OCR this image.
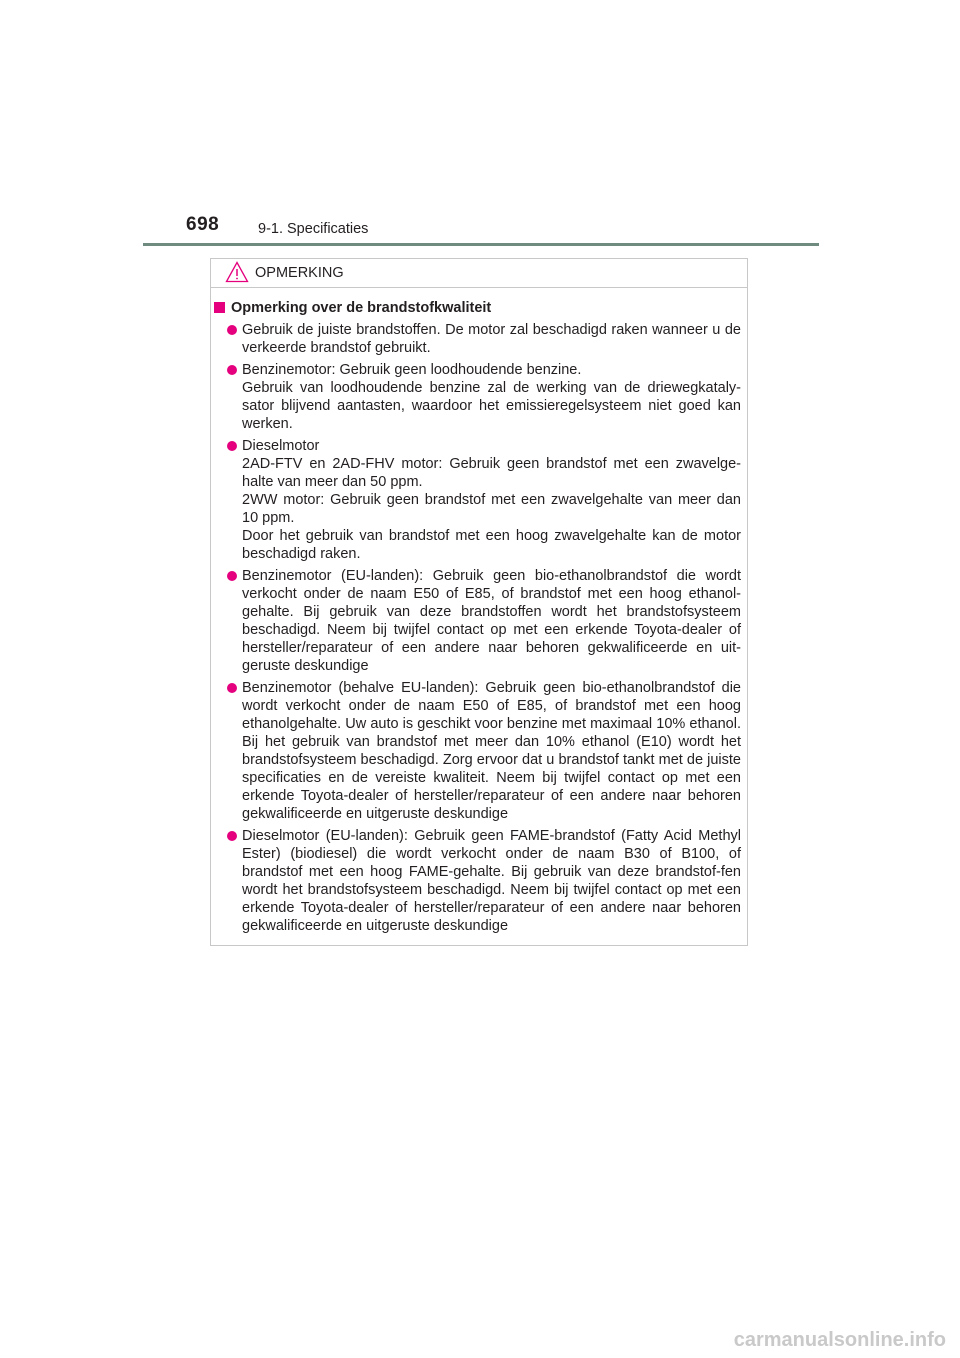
698	9-1. Specificaties
OPMERKING
Opmerking over de brandstofkwaliteit
Gebruik de juiste brandstoffen. De motor zal beschadigd raken wanneer u de verkeerde brandstof gebruikt.
Benzinemotor: Gebruik geen loodhoudende benzine.
Gebruik van loodhoudende benzine zal de werking van de driewegkataly-sator blijvend aantasten, waardoor het emissieregelsysteem niet goed kan werken.
Dieselmotor
2AD-FTV en 2AD-FHV motor: Gebruik geen brandstof met een zwavelge-halte van meer dan 50 ppm.
2WW motor: Gebruik geen brandstof met een zwavelgehalte van meer dan 10 ppm.
Door het gebruik van brandstof met een hoog zwavelgehalte kan de motor beschadigd raken.
Benzinemotor (EU-landen): Gebruik geen bio-ethanolbrandstof die wordt verkocht onder de naam E50 of E85, of brandstof met een hoog ethanol-gehalte. Bij gebruik van deze brandstoffen wordt het brandstofsysteem beschadigd. Neem bij twijfel contact op met een erkende Toyota-dealer of hersteller/reparateur of een andere naar behoren gekwalificeerde en uit-geruste deskundige
Benzinemotor (behalve EU-landen): Gebruik geen bio-ethanolbrandstof die wordt verkocht onder de naam E50 of E85, of brandstof met een hoog ethanolgehalte. Uw auto is geschikt voor benzine met maximaal 10% ethanol. Bij het gebruik van brandstof met meer dan 10% ethanol (E10) wordt het brandstofsysteem beschadigd. Zorg ervoor dat u brandstof tankt met de juiste specificaties en de vereiste kwaliteit. Neem bij twijfel contact op met een erkende Toyota-dealer of hersteller/reparateur of een andere naar behoren gekwalificeerde en uitgeruste deskundige
Dieselmotor (EU-landen): Gebruik geen FAME-brandstof (Fatty Acid Methyl Ester) (biodiesel) die wordt verkocht onder de naam B30 of B100, of brandstof met een hoog FAME-gehalte. Bij gebruik van deze brandstof-fen wordt het brandstofsysteem beschadigd. Neem bij twijfel contact op met een erkende Toyota-dealer of hersteller/reparateur of een andere naar behoren gekwalificeerde en uitgeruste deskundige
carmanualsonline.info
